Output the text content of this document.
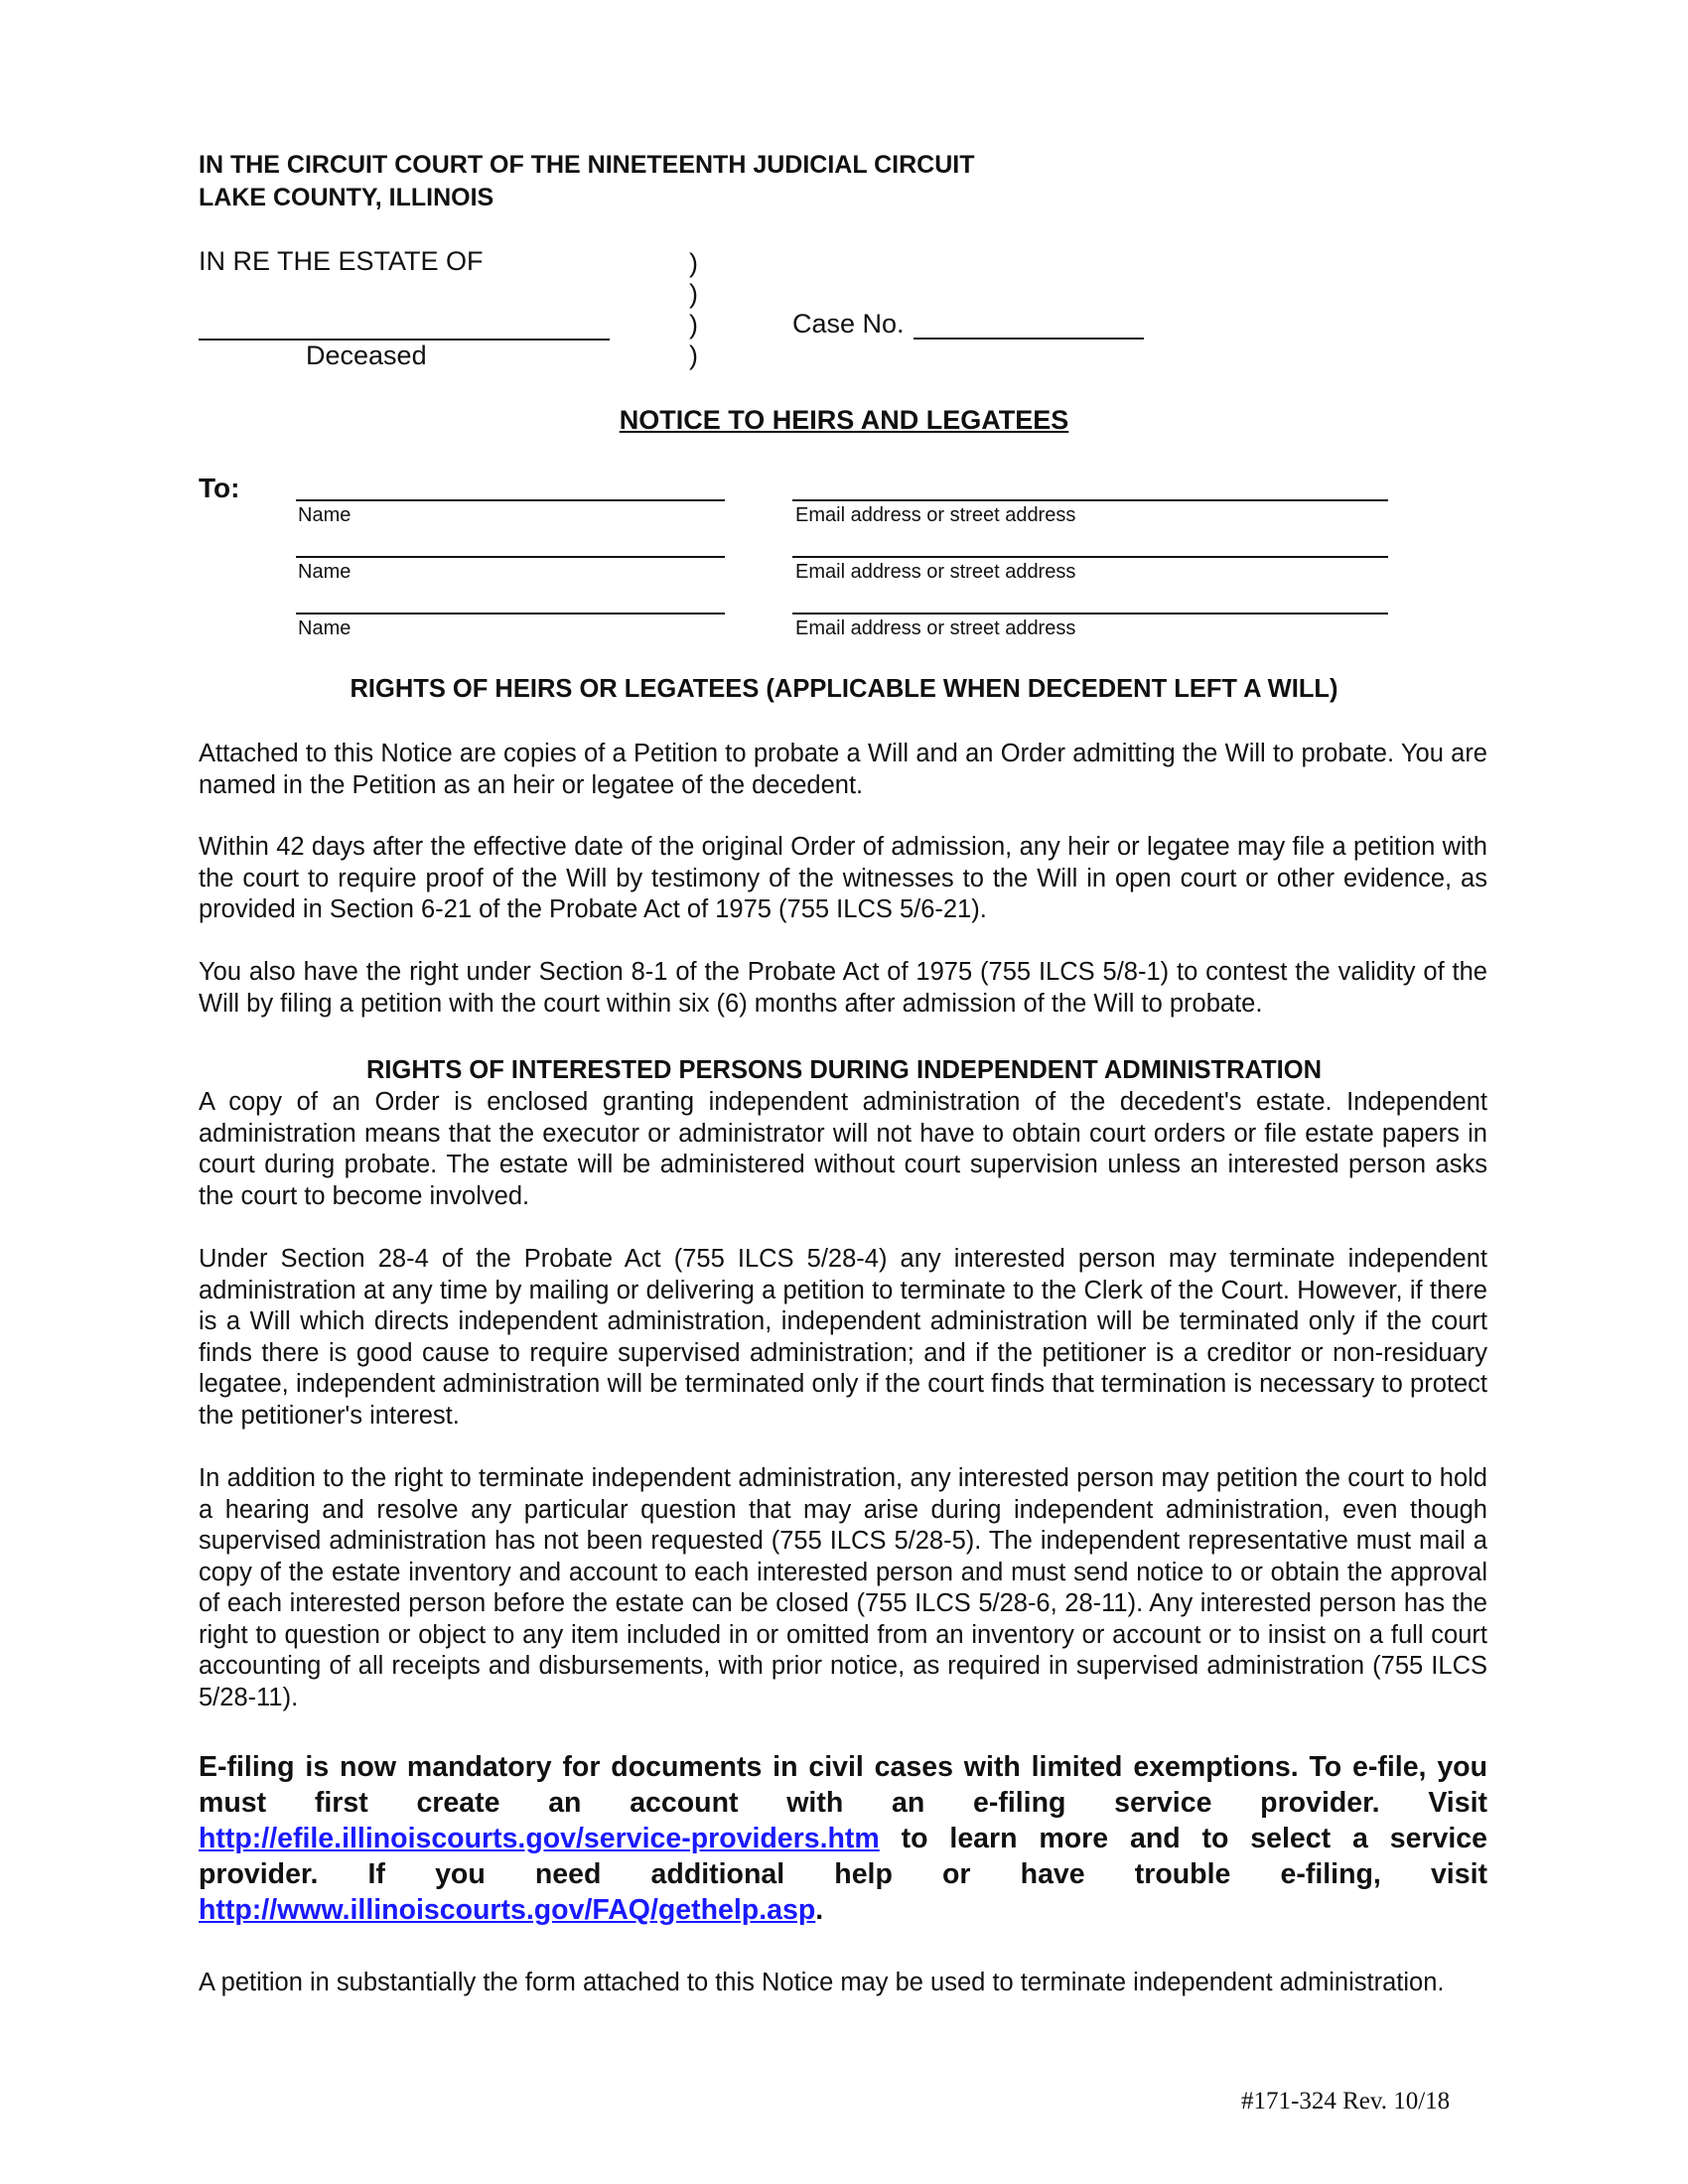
IN THE CIRCUIT COURT OF THE NINETEENTH JUDICIAL CIRCUIT
LAKE COUNTY, ILLINOIS
IN RE THE ESTATE OF
Deceased
)
)
)
)
Case No.
NOTICE TO HEIRS AND LEGATEES
To:
Name	Email address or street address
Name	Email address or street address
Name	Email address or street address
RIGHTS OF HEIRS OR LEGATEES (APPLICABLE WHEN DECEDENT LEFT A WILL)

Attached to this Notice are copies of a Petition to probate a Will and an Order admitting the Will to probate. You are named in the Petition as an heir or legatee of the decedent.

Within 42 days after the effective date of the original Order of admission, any heir or legatee may file a petition with the court to require proof of the Will by testimony of the witnesses to the Will in open court or other evidence, as provided in Section 6-21 of the Probate Act of 1975 (755 ILCS 5/6-21).

You also have the right under Section 8-1 of the Probate Act of 1975 (755 ILCS 5/8-1) to contest the validity of the Will by filing a petition with the court within six (6) months after admission of the Will to probate.

RIGHTS OF INTERESTED PERSONS DURING INDEPENDENT ADMINISTRATION

A copy of an Order is enclosed granting independent administration of the decedent's estate. Independent administration means that the executor or administrator will not have to obtain court orders or file estate papers in court during probate. The estate will be administered without court supervision unless an interested person asks the court to become involved.

Under Section 28-4 of the Probate Act (755 ILCS 5/28-4) any interested person may terminate independent administration at any time by mailing or delivering a petition to terminate to the Clerk of the Court. However, if there is a Will which directs independent administration, independent administration will be terminated only if the court finds there is good cause to require supervised administration; and if the petitioner is a creditor or non-residuary legatee, independent administration will be terminated only if the court finds that termination is necessary to protect the petitioner's interest.

In addition to the right to terminate independent administration, any interested person may petition the court to hold a hearing and resolve any particular question that may arise during independent administration, even though supervised administration has not been requested (755 ILCS 5/28-5). The independent representative must mail a copy of the estate inventory and account to each interested person and must send notice to or obtain the approval of each interested person before the estate can be closed (755 ILCS 5/28-6, 28-11). Any interested person has the right to question or object to any item included in or omitted from an inventory or account or to insist on a full court accounting of all receipts and disbursements, with prior notice, as required in supervised administration (755 ILCS 5/28-11).

E-filing is now mandatory for documents in civil cases with limited exemptions. To e-file, you must first create an account with an e-filing service provider. Visit http://efile.illinoiscourts.gov/service-providers.htm to learn more and to select a service provider. If you need additional help or have trouble e-filing, visit http://www.illinoiscourts.gov/FAQ/gethelp.asp.

A petition in substantially the form attached to this Notice may be used to terminate independent administration.

#171-324 Rev. 10/18
